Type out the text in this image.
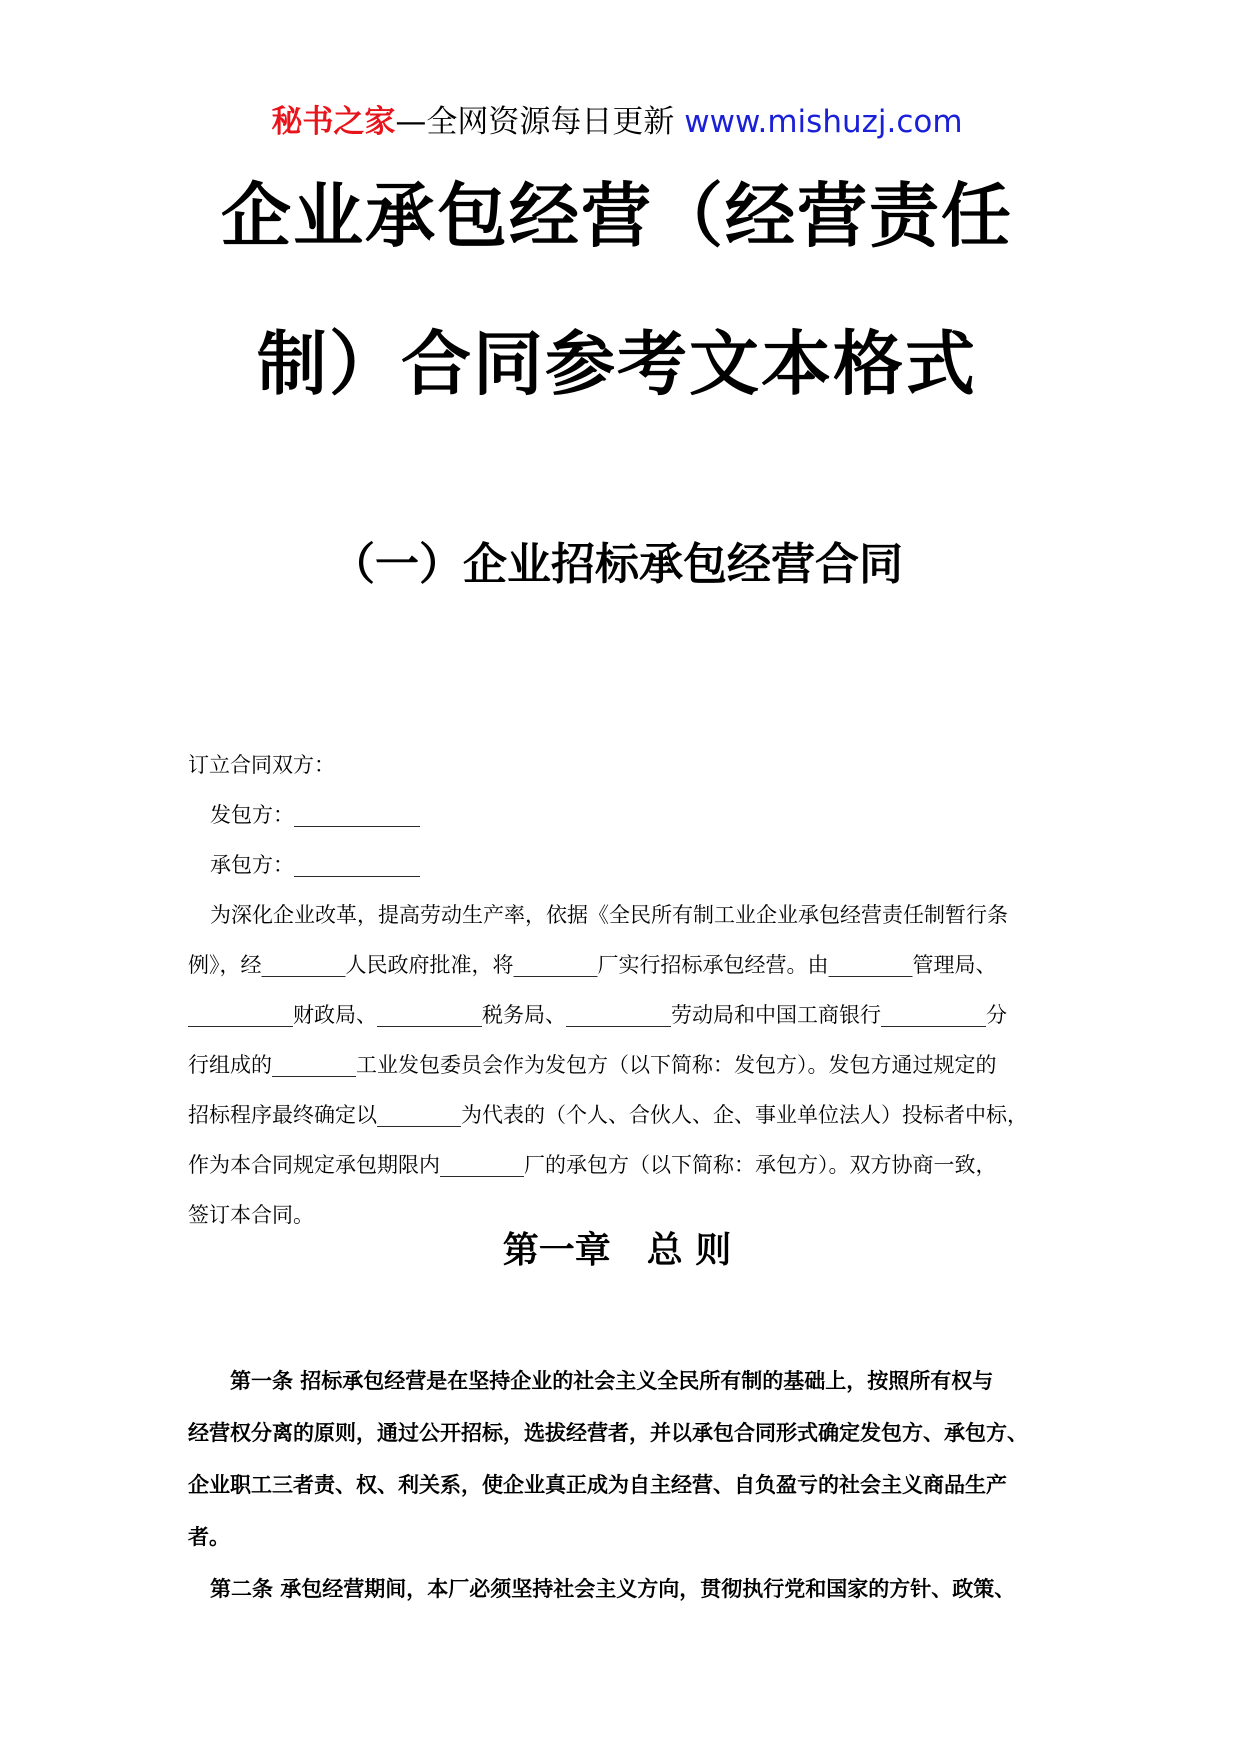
秘书之家—全网资源每日更新 www.mishuzj.com
企业承包经营（经营责任
制）合同参考文本格式
（一）企业招标承包经营合同
订立合同双方：
发包方：____________
承包方：____________
为深化企业改革，提高劳动生产率，依据《全民所有制工业企业承包经营责任制暂行条
例》，经________人民政府批准，将________厂实行招标承包经营。由________管理局、
__________财政局、__________税务局、__________劳动局和中国工商银行__________分
行组成的________工业发包委员会作为发包方（以下简称：发包方）。发包方通过规定的
招标程序最终确定以________为代表的（个人、合伙人、企、事业单位法人）投标者中标，
作为本合同规定承包期限内________厂的承包方（以下简称：承包方）。双方协商一致，
签订本合同。
第一章　总 则
第一条 招标承包经营是在坚持企业的社会主义全民所有制的基础上，按照所有权与
经营权分离的原则，通过公开招标，选拔经营者，并以承包合同形式确定发包方、承包方、
企业职工三者责、权、利关系，使企业真正成为自主经营、自负盈亏的社会主义商品生产
者。
第二条 承包经营期间，本厂必须坚持社会主义方向，贯彻执行党和国家的方针、政策、
